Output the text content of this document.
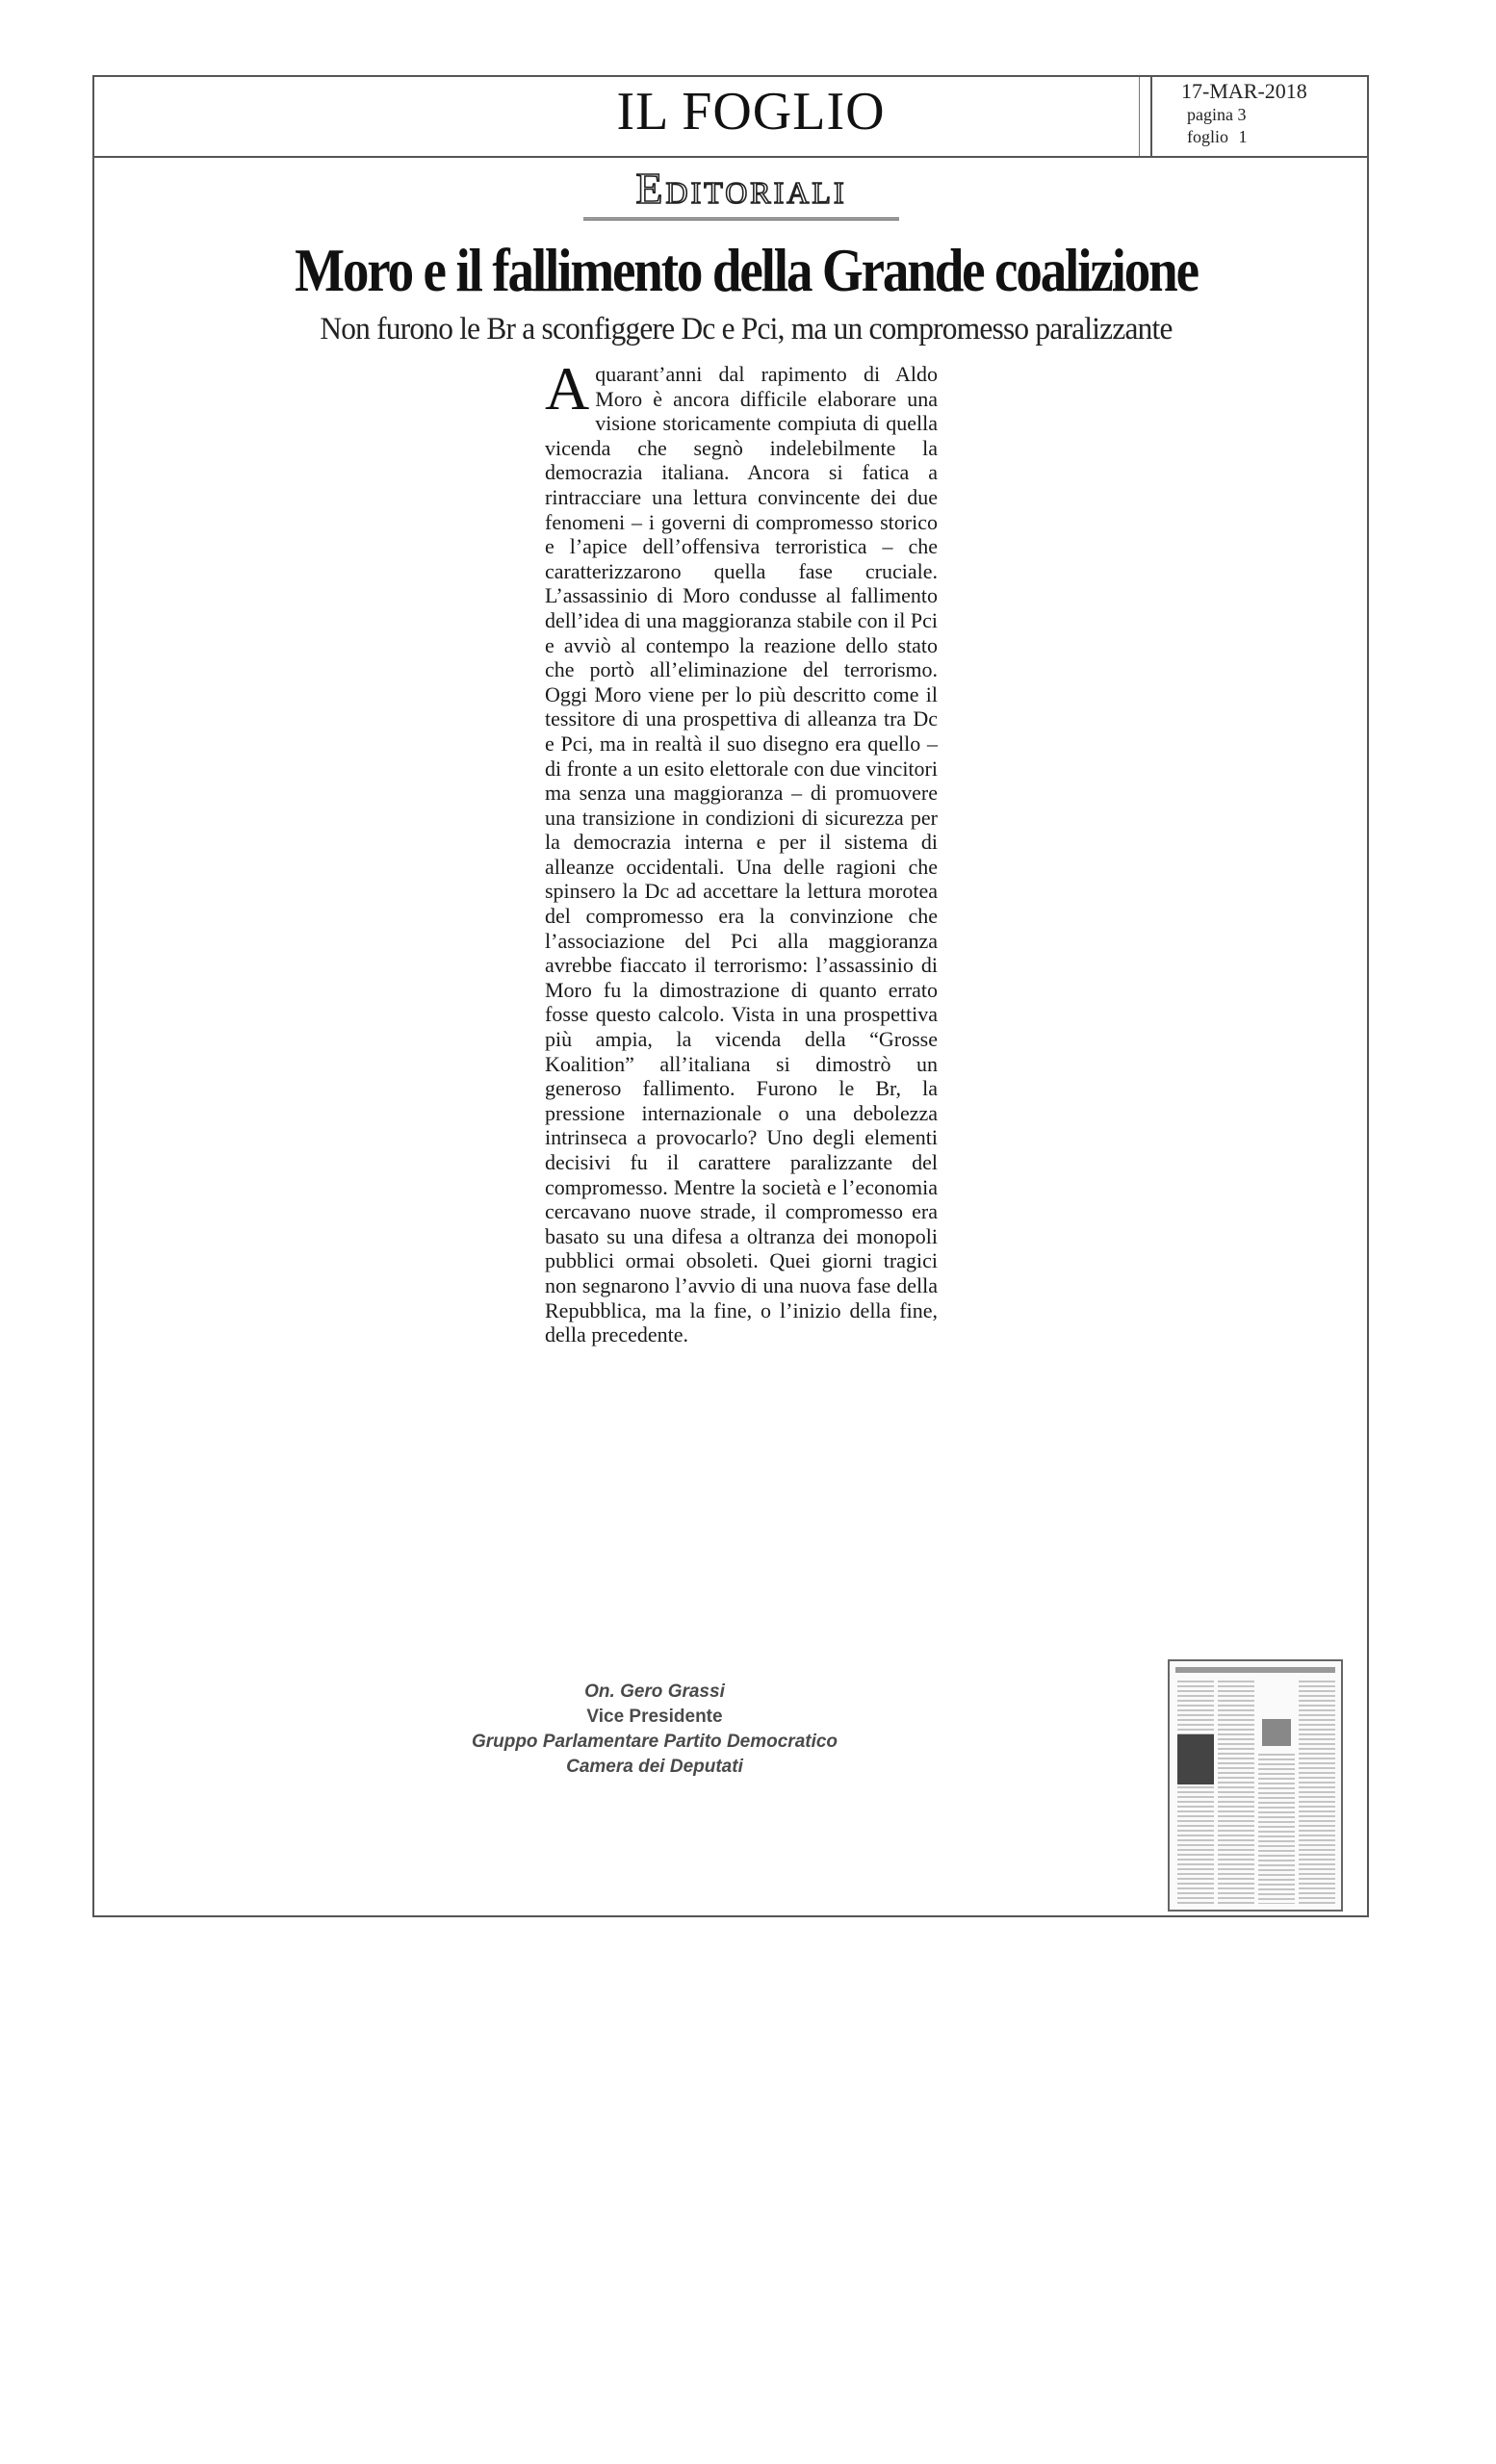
IL FOGLIO	17-MAR-2018
pagina 3
foglio 1
Editoriali
Moro e il fallimento della Grande coalizione
Non furono le Br a sconfiggere Dc e Pci, ma un compromesso paralizzante
A quarant’anni dal rapimento di Aldo Moro è ancora difficile elaborare una visione storicamente compiuta di quella vicenda che segnò indelebilmente la democrazia italiana. Ancora si fatica a rintracciare una lettura convincente dei due fenomeni – i governi di compromesso storico e l’apice dell’offensiva terroristica – che caratterizzarono quella fase cruciale. L’assassinio di Moro condusse al fallimento dell’idea di una maggioranza stabile con il Pci e avviò al contempo la reazione dello stato che portò all’eliminazione del terrorismo. Oggi Moro viene per lo più descritto come il tessitore di una prospettiva di alleanza tra Dc e Pci, ma in realtà il suo disegno era quello – di fronte a un esito elettorale con due vincitori ma senza una maggioranza – di promuovere una transizione in condizioni di sicurezza per la democrazia interna e per il sistema di alleanze occidentali. Una delle ragioni che spinsero la Dc ad accettare la lettura morotea del compromesso era la convinzione che l’associazione del Pci alla maggioranza avrebbe fiaccato il terrorismo: l’assassinio di Moro fu la dimostrazione di quanto errato fosse questo calcolo. Vista in una prospettiva più ampia, la vicenda della “Grosse Koalition” all’italiana si dimostrò un generoso fallimento. Furono le Br, la pressione internazionale o una debolezza intrinseca a provocarlo? Uno degli elementi decisivi fu il carattere paralizzante del compromesso. Mentre la società e l’economia cercavano nuove strade, il compromesso era basato su una difesa a oltranza dei monopoli pubblici ormai obsoleti. Quei giorni tragici non segnarono l’avvio di una nuova fase della Repubblica, ma la fine, o l’inizio della fine, della precedente.
On. Gero Grassi
Vice Presidente
Gruppo Parlamentare Partito Democratico
Camera dei Deputati
